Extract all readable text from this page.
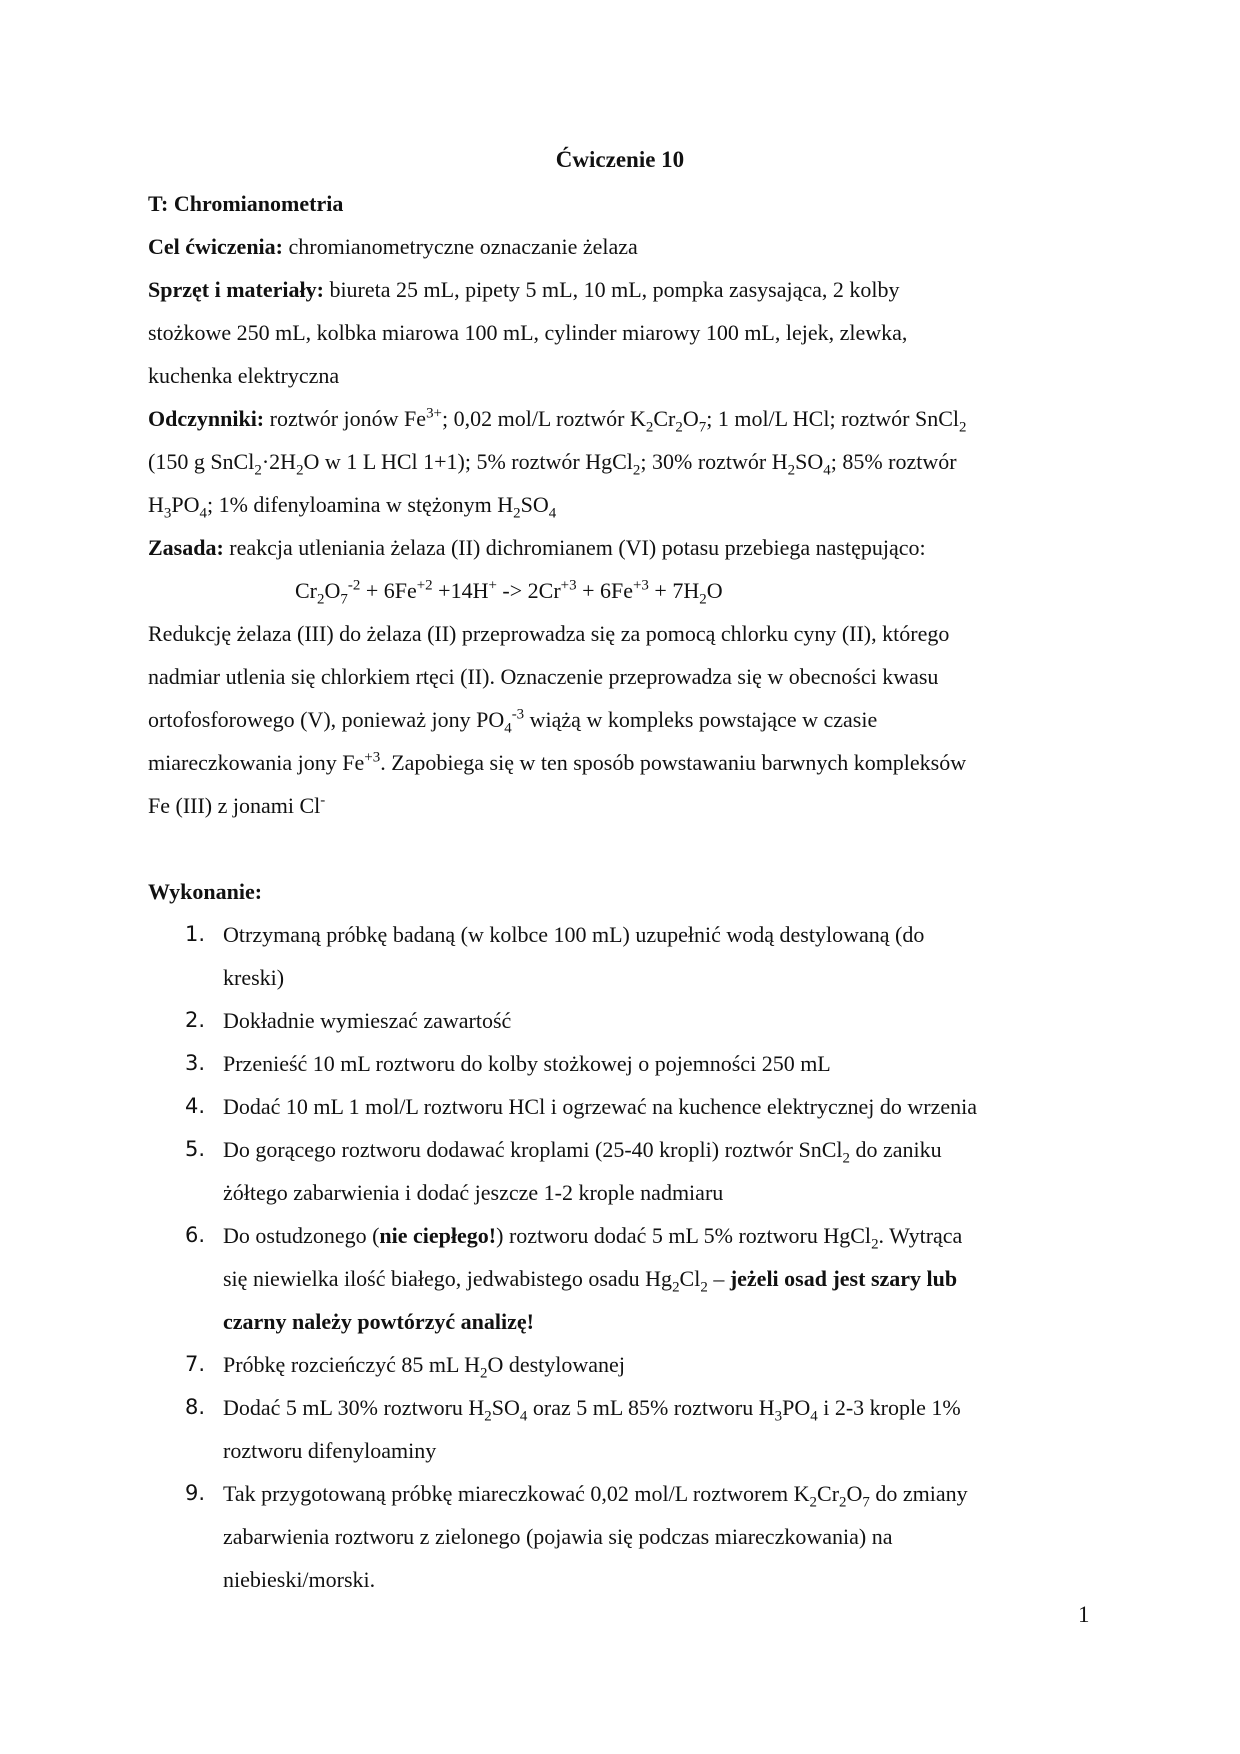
Ćwiczenie 10
T: Chromianometria
Cel ćwiczenia: chromianometryczne oznaczanie żelaza
Sprzęt i materiały: biureta 25 mL, pipety 5 mL, 10 mL, pompka zasysająca, 2 kolby
stożkowe 250 mL, kolbka miarowa 100 mL, cylinder miarowy 100 mL, lejek, zlewka,
kuchenka elektryczna
Odczynniki: roztwór jonów $Fe^{3+}$; 0,02 mol/L roztwór $K_2Cr_2O_7$; 1 mol/L HCl; roztwór SnCl$_2$
(150 g $SnCl_2\cdot 2H_2O$ w 1 L HCl 1+1); 5% roztwór HgCl$_2$; 30% roztwór $H_2SO_4$; 85% roztwór
$H_3PO_4$; 1% difenyloamina w stężonym $H_2SO_4$
Zasada: reakcja utleniania żelaza (II) dichromianem (VI) potasu przebiega następująco:
$Cr_2O_7^{-2} + 6Fe^{+2} +14H^+ -> 2Cr^{+3} + 6Fe^{+3} + 7H_2O$
Redukcję żelaza (III) do żelaza (II) przeprowadza się za pomocą chlorku cyny (II), którego
nadmiar utlenia się chlorkiem rtęci (II). Oznaczenie przeprowadza się w obecności kwasu
ortofosforowego (V), ponieważ jony $PO_4^{-3}$ wiążą w kompleks powstające w czasie
miareczkowania jony $Fe^{+3}$. Zapobiega się w ten sposób powstawaniu barwnych kompleksów
Fe (III) z jonami Cl-
Wykonanie:
1. Otrzymaną próbkę badaną (w kolbce 100 mL) uzupełnić wodą destylowaną (do
kreski)
2. Dokładnie wymieszać zawartość
3. Przenieść 10 mL roztworu do kolby stożkowej o pojemności 250 mL
4. Dodać 10 mL 1 mol/L roztworu HCl i ogrzewać na kuchence elektrycznej do wrzenia
5. Do gorącego roztworu dodawać kroplami (25-40 kropli) roztwór SnCl$_2$ do zaniku
żółtego zabarwienia i dodać jeszcze 1-2 krople nadmiaru
6. Do ostudzonego (nie ciepłego!) roztworu dodać 5 mL 5% roztworu HgCl$_2$. Wytrąca
się niewielka ilość białego, jedwabistego osadu $Hg_2Cl_2$ – jeżeli osad jest szary lub
czarny należy powtórzyć analizę!
7. Próbkę rozcieńczyć 85 mL $H_2O$ destylowanej
8. Dodać 5 mL 30% roztworu $H_2SO_4$ oraz 5 mL 85% roztworu $H_3PO_4$ i 2-3 krople 1%
roztworu difenyloaminy
9. Tak przygotowaną próbkę miareczkować 0,02 mol/L roztworem $K_2Cr_2O_7$ do zmiany
zabarwienia roztworu z zielonego (pojawia się podczas miareczkowania) na
niebieski/morski.
1
